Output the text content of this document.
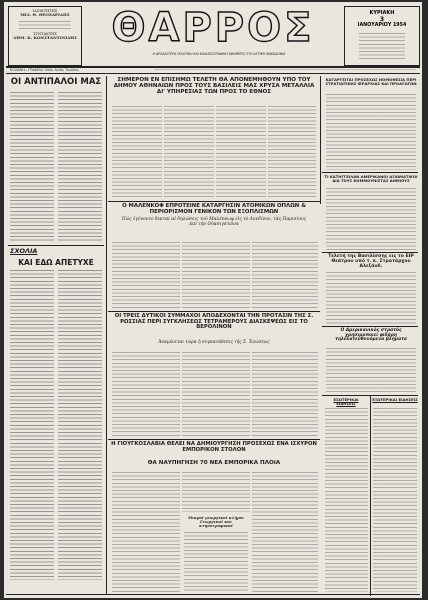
ΙΔΙΟΚΤΗΤΗΣ
ΜΙΛ. Θ. ΘΕΟΧΑΡΙΔΗΣ
ΣΥΝΤΑΚΤΗΣ
ΔΗΜ. Κ. ΚΩΝΣΤΑΝΤΙΝΙΔΗΣ ΘΑΡΡΟΣ
Η ΑΡΧΑΙΟΤΕΡΑ ΠΟΛΙΤΙΚΗ ΚΑΙ ΕΙΔΗΣΕΟΓΡΑΦΙΚΗ ΕΦΗΜΕΡΙΣ ΣΤΗ ΔΥΤΙΚΗ ΜΑΚΕΔΟΝΙΑ
ΚΥΡΙΑΚΗ
3
ΙΑΝΟΥΑΡΙΟΥ 1954
ΚΟΖΑΝΗ—ΓΡΑΦΕΙΑ: Οδός Αγίας Τριάδος
ΟΙ ΑΝΤΙΠΑΛΟΙ ΜΑΣ
ΣΧΟΛΙΑ
ΚΑΙ ΕΔΩ ΑΠΕΤΥΧΕ
ΣΗΜΕΡΟΝ ΕΝ ΕΠΙΣΗΜΩ ΤΕΛΕΤΗ ΘΑ ΑΠΟΝΕΜΗΘΟΥΝ ΥΠΟ ΤΟΥ ΔΗΜΟΥ ΑΘΗΝΑΙΩΝ ΠΡΟΣ ΤΟΥΣ ΒΑΣΙΛΕΙΣ ΜΑΣ ΧΡΥΣΑ ΜΕΤΑΛΛΙΑ ΔΙ' ΥΠΗΡΕΣΙΑΣ ΤΩΝ ΠΡΟΣ ΤΟ ΕΘΝΟΣ
ΚΑΤΑΡΓΕΙΤΑΙ ΠΡΟΣΕΧΩΣ ΝΟΜΟΘΕΣΙΑ ΠΕΡΙ ΣΤΡΑΤΙΩΤΙΚΗΣ ΙΕΡΑΡΧΙΑΣ ΚΑΙ ΠΡΟΑΓΩΓΩΝ
ΤΙ ΚΑΤΗΓΓΕΙΛΑΝ ΑΜΕΡΙΚΑΝΟΙ ΑΞΙΩΜΑΤΙΚΟΙ ΔΙΑ ΤΟΥΣ ΚΟΜΜΟΥΝΙΣΤΑΣ ΔΗΜΙΟΥΣ
Ο ΜΑΛΕΝΚΟΦ ΕΠΡΟΤΕΙΝΕ ΚΑΤΑΡΓΗΣΙΝ ΑΤΟΜΙΚΩΝ ΟΠΛΩΝ & ΠΕΡΙΟΡΙΣΜΟΝ ΓΕΝΙΚΟΝ ΤΩΝ ΕΞΟΠΛΙΣΜΩΝ
Πώς ἐγένοντο δεκταί αἱ δηλώσεις τοῦ Μαλένκωφ εἰς τὸ Λονδῖνον, τὰς Παρισίους καὶ τὴν Οὐασιγκτῶνα
Τελετή της Βασιλίσσης εις το ΕΙΡ Θεάτρου υπό τ. κ. Στρατάρχου Αλεξάνδ.
ΟΙ ΤΡΕΙΣ ΔΥΤΙΚΟΙ ΣΥΜΜΑΧΟΙ ΑΠΟΔΕΧΟΝΤΑΙ ΤΗΝ ΠΡΟΤΑΣΙΝ ΤΗΣ Σ. ΡΩΣΣΙΑΣ ΠΕΡΙ ΣΥΓΚΛΗΣΕΩΣ ΤΕΤΡΑΜΕΡΟΥΣ ΔΙΑΣΚΕΨΕΩΣ ΕΙΣ ΤΟ ΒΕΡΟΛΙΝΟΝ
Ἀναμένεται τώρα ἡ συγκατάθεσις τῆς Σ. Ἑνώσεως
Ο Αμερικανικός στρατός χρησιμοποιεί φιδάρη τηλεκατευθυνόμενα βλήματα
ΕΣΩΤΕΡΙΚΑΙ ΕΙΔΗΣΕΙΣ
ΕΞΩΤΕΡΙΚΑΙ ΕΙΔΗΣΕΙΣ
Η ΓΙΟΥΓΚΟΣΛΑΒΙΑ ΘΕΛΕΙ ΝΑ ΔΗΜΙΟΥΡΓΗΣΗ ΠΡΟΣΕΧΩΣ ΕΝΑ ΙΣΧΥΡΟΝ ΕΜΠΟΡΙΚΟΝ ΣΤΟΛΟΝ
ΘΑ ΝΑΥΠΗΓΗΣΗ 70 ΝΕΑ ΕΜΠΟΡΙΚΑ ΠΛΟΙΑ
Μικροί γεωργικοί κλήροι Γεωργικαί και κτηνοτροφικαί
